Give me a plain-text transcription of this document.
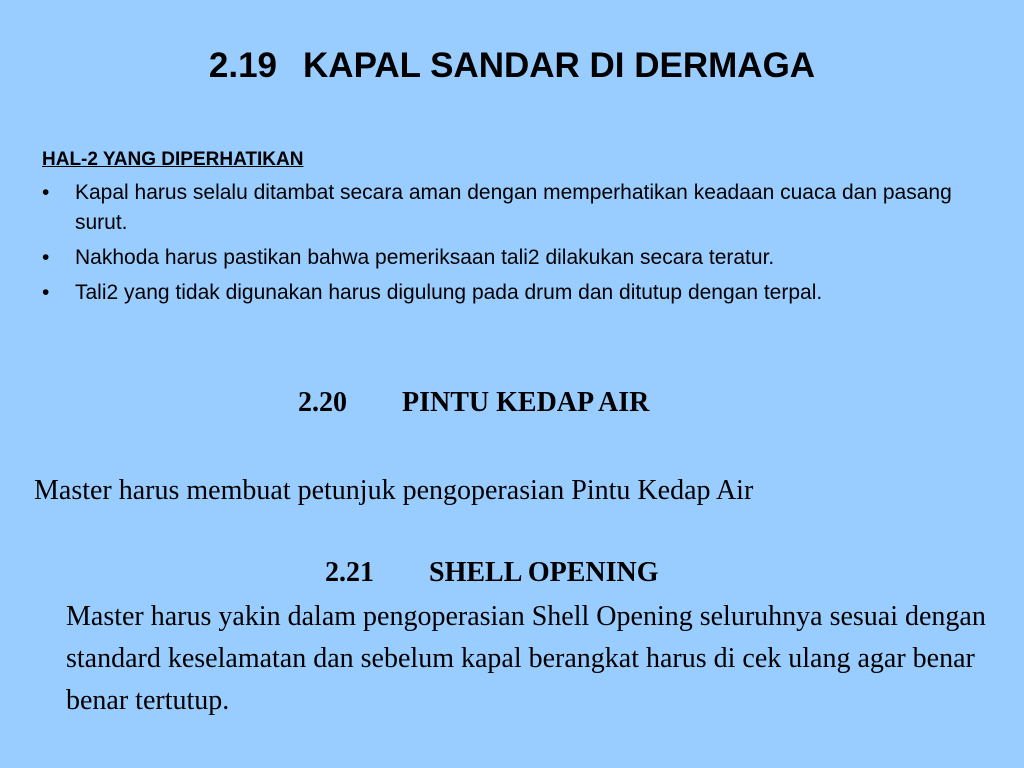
2.19 KAPAL SANDAR DI DERMAGA
HAL-2 YANG DIPERHATIKAN
•	Kapal harus selalu ditambat secara aman dengan memperhatikan keadaan cuaca dan pasang surut.
•	Nakhoda harus pastikan bahwa pemeriksaan tali2 dilakukan secara teratur.
•	Tali2 yang tidak digunakan harus digulung pada drum dan ditutup dengan terpal.
2.20 PINTU KEDAP AIR
Master harus membuat petunjuk pengoperasian Pintu Kedap Air
2.21 SHELL OPENING
Master harus yakin dalam pengoperasian Shell Opening seluruhnya sesuai dengan standard keselamatan dan sebelum kapal berangkat harus di cek ulang agar benar benar tertutup.
